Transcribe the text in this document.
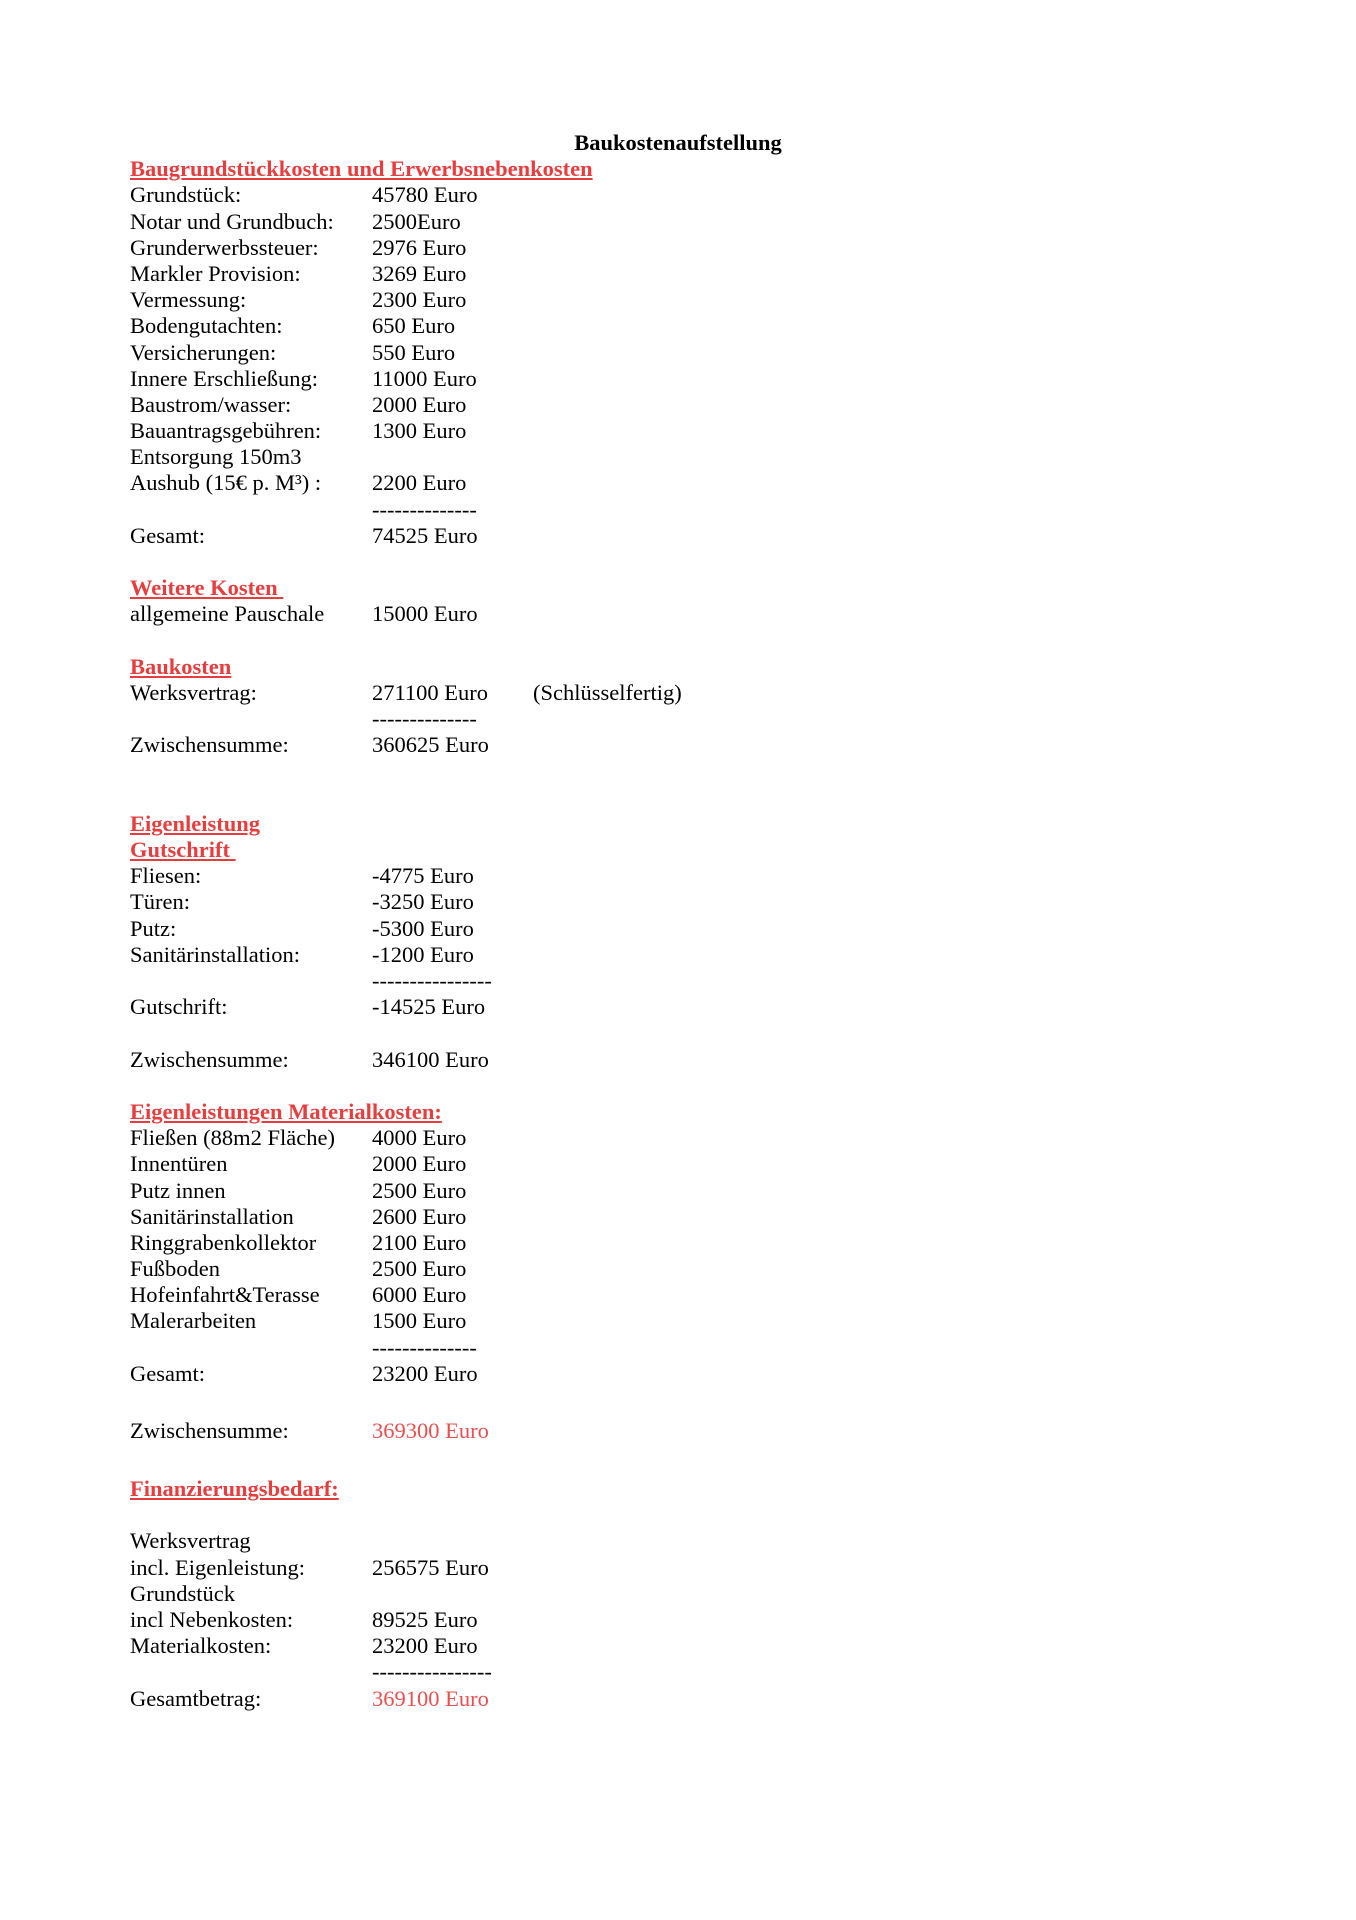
Baukostenaufstellung
Baugrundstückkosten und Erwerbsnebenkosten
Grundstück:	45780 Euro
Notar und Grundbuch: 2500Euro
Grunderwerbssteuer: 2976 Euro
Markler Provision:	3269 Euro
Vermessung:	2300 Euro
Bodengutachten:	650 Euro
Versicherungen:	550 Euro
Innere Erschließung: 11000 Euro
Baustrom/wasser:	2000 Euro
Bauantragsgebühren: 1300 Euro
Entsorgung 150m3
Aushub (15€ p. M³) : 2200 Euro
--------------
Gesamt:	74525 Euro
Weitere Kosten
allgemeine Pauschale 15000 Euro
Baukosten
Werksvertrag:	271100 Euro (Schlüsselfertig)
--------------
Zwischensumme:	360625 Euro
Eigenleistung
Gutschrift
Fliesen:	-4775 Euro
Türen:	-3250 Euro
Putz:	-5300 Euro
Sanitärinstallation:	-1200 Euro
----------------
Gutschrift:	-14525 Euro
Zwischensumme:	346100 Euro
Eigenleistungen Materialkosten:
Fließen (88m2 Fläche) 4000 Euro
Innentüren	2000 Euro
Putz innen	2500 Euro
Sanitärinstallation	2600 Euro
Ringgrabenkollektor 2100 Euro
Fußboden	2500 Euro
Hofeinfahrt&Terasse 6000 Euro
Malerarbeiten	1500 Euro
--------------
Gesamt:	23200 Euro
Zwischensumme:	369300 Euro
Finanzierungsbedarf:
Werksvertrag
incl. Eigenleistung:	256575 Euro
Grundstück
incl Nebenkosten:	89525 Euro
Materialkosten:	23200 Euro
----------------
Gesamtbetrag:	369100 Euro
